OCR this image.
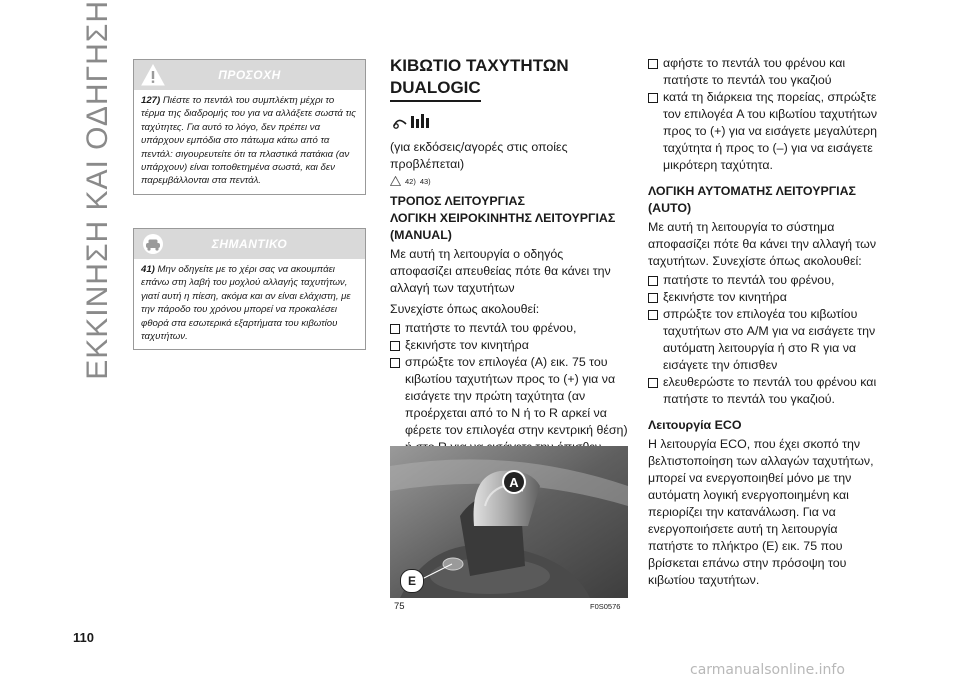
ΕΚΚΙΝΗΣΗ ΚΑΙ ΟΔΗΓΗΣΗ
110
ΠΡΟΣΟΧΗ
127) Πιέστε το πεντάλ του συμπλέκτη μέχρι το τέρμα της διαδρομής του για να αλλάξετε σωστά τις ταχύτητες. Για αυτό το λόγο, δεν πρέπει να υπάρχουν εμπόδια στο πάτωμα κάτω από τα πεντάλ: σιγουρευτείτε ότι τα πλαστικά πατάκια (αν υπάρχουν) είναι τοποθετημένα σωστά, και δεν παρεμβάλλονται στα πεντάλ.
ΣΗΜΑΝΤΙΚΟ
41) Μην οδηγείτε με το χέρι σας να ακουμπάει επάνω στη λαβή του μοχλού αλλαγής ταχυτήτων, γιατί αυτή η πίεση, ακόμα και αν είναι ελάχιστη, με την πάροδο του χρόνου μπορεί να προκαλέσει φθορά στα εσωτερικά εξαρτήματα του κιβωτίου ταχυτήτων.
ΚΙΒΩΤΙΟ ΤΑΧΥΤΗΤΩΝ
DUALOGIC
(για εκδόσεις/αγορές στις οποίες προβλέπεται)
42) 43)
ΤΡΟΠΟΣ ΛΕΙΤΟΥΡΓΙΑΣ
ΛΟΓΙΚΗ ΧΕΙΡΟΚΙΝΗΤΗΣ ΛΕΙΤΟΥΡΓΙΑΣ (MANUAL)
Με αυτή τη λειτουργία ο οδηγός αποφασίζει απευθείας πότε θα κάνει την αλλαγή των ταχυτήτων
Συνεχίστε όπως ακολουθεί:
πατήστε το πεντάλ του φρένου,
ξεκινήστε τον κινητήρα
σπρώξτε τον επιλογέα (A) εικ. 75 του κιβωτίου ταχυτήτων προς το (+) για να εισάγετε την πρώτη ταχύτητα (αν προέρχεται από το N ή το R αρκεί να φέρετε τον επιλογέα στην κεντρική θέση)
A
E
75	F0S0576
αφήστε το πεντάλ του φρένου και πατήστε το πεντάλ του γκαζιού
κατά τη διάρκεια της πορείας, σπρώξτε τον επιλογέα A του κιβωτίου ταχυτήτων προς το (+) για να εισάγετε μεγαλύτερη ταχύτητα ή προς το (–) για να εισάγετε μικρότερη ταχύτητα.
ΛΟΓΙΚΗ ΑΥΤΟΜΑΤΗΣ ΛΕΙΤΟΥΡΓΙΑΣ (AUTO)
Με αυτή τη λειτουργία το σύστημα αποφασίζει πότε θα κάνει την αλλαγή των ταχυτήτων. Συνεχίστε όπως ακολουθεί:
πατήστε το πεντάλ του φρένου,
ξεκινήστε τον κινητήρα
σπρώξτε τον επιλογέα του κιβωτίου ταχυτήτων στο A/M για να εισάγετε την αυτόματη λειτουργία ή στο R για να εισάγετε την όπισθεν
ελευθερώστε το πεντάλ του φρένου και πατήστε το πεντάλ του γκαζιού.
Λειτουργία ECO
Η λειτουργία ECO, που έχει σκοπό την βελτιστοποίηση των αλλαγών ταχυτήτων, μπορεί να ενεργοποιηθεί μόνο με την αυτόματη λογική ενεργοποιημένη και περιορίζει την κατανάλωση. Για να ενεργοποιήσετε αυτή τη λειτουργία πατήστε το πλήκτρο (E) εικ. 75 που βρίσκεται επάνω στην πρόσοψη του κιβωτίου ταχυτήτων.
carmanualsonline.info
